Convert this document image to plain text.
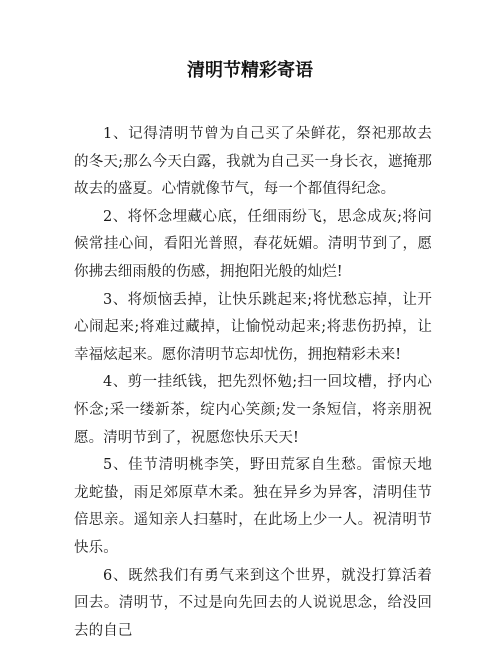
清明节精彩寄语

1、记得清明节曾为自己买了朵鲜花，祭祀那故去的冬天;那么今天白露，我就为自己买一身长衣，遮掩那故去的盛夏。心情就像节气，每一个都值得纪念。

2、将怀念埋藏心底，任细雨纷飞，思念成灰;将问候常挂心间，看阳光普照，春花妩媚。清明节到了，愿你拂去细雨般的伤感，拥抱阳光般的灿烂!

3、将烦恼丢掉，让快乐跳起来;将忧愁忘掉，让开心闹起来;将难过藏掉，让愉悦动起来;将悲伤扔掉，让幸福炫起来。愿你清明节忘却忧伤，拥抱精彩未来!

4、剪一挂纸钱，把先烈怀勉;扫一回坟槽，抒内心怀念;采一缕新茶，绽内心笑颜;发一条短信，将亲朋祝愿。清明节到了，祝愿您快乐天天!

5、佳节清明桃李笑，野田荒冢自生愁。雷惊天地龙蛇蛰，雨足郊原草木柔。独在异乡为异客，清明佳节倍思亲。遥知亲人扫墓时，在此场上少一人。祝清明节快乐。

6、既然我们有勇气来到这个世界，就没打算活着回去。清明节，不过是向先回去的人说说思念，给没回去的自己
